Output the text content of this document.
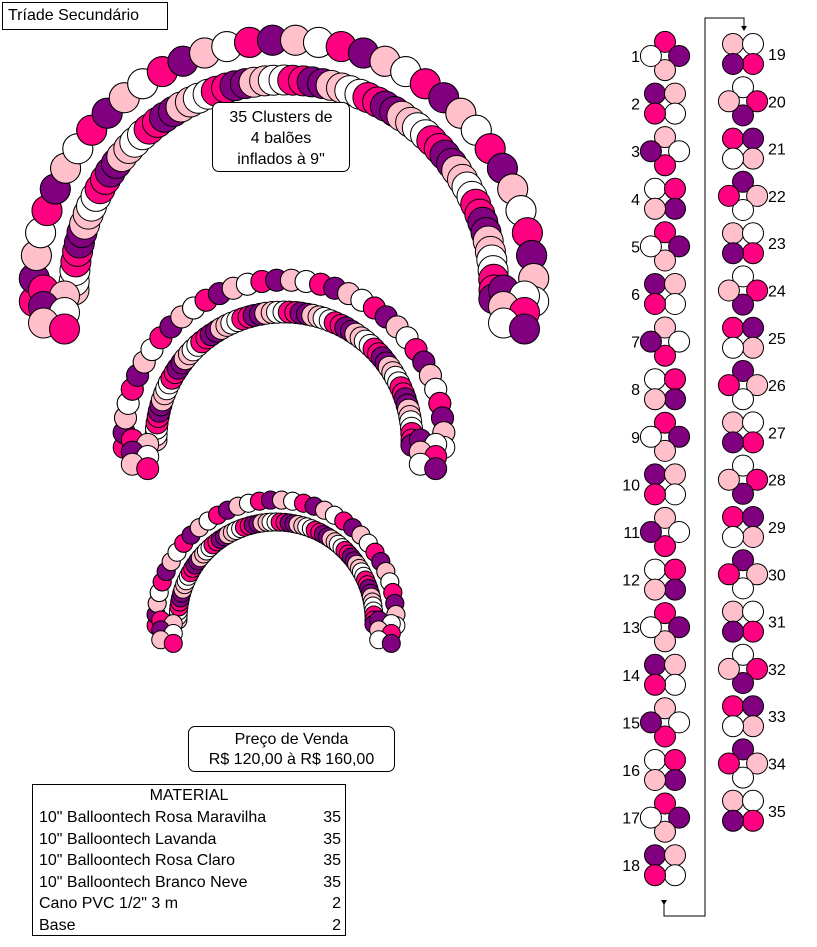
1
2
3
4
5
6
7
8
9
10
11
12
13
14
15
16
17
18
19
20
21
22
23
24
25
26
27
28
29
30
31
32
33
34
35
Tríade Secundário
35 Clusters de
4 balões
inflados à 9"
Preço de Venda
R$ 120,00 à R$ 160,00
MATERIAL
10" Balloontech Rosa Maravilha	35
10" Balloontech Lavanda	35
10" Balloontech Rosa Claro	35
10" Balloontech Branco Neve	35
Cano PVC 1/2" 3 m	2
Base	2
